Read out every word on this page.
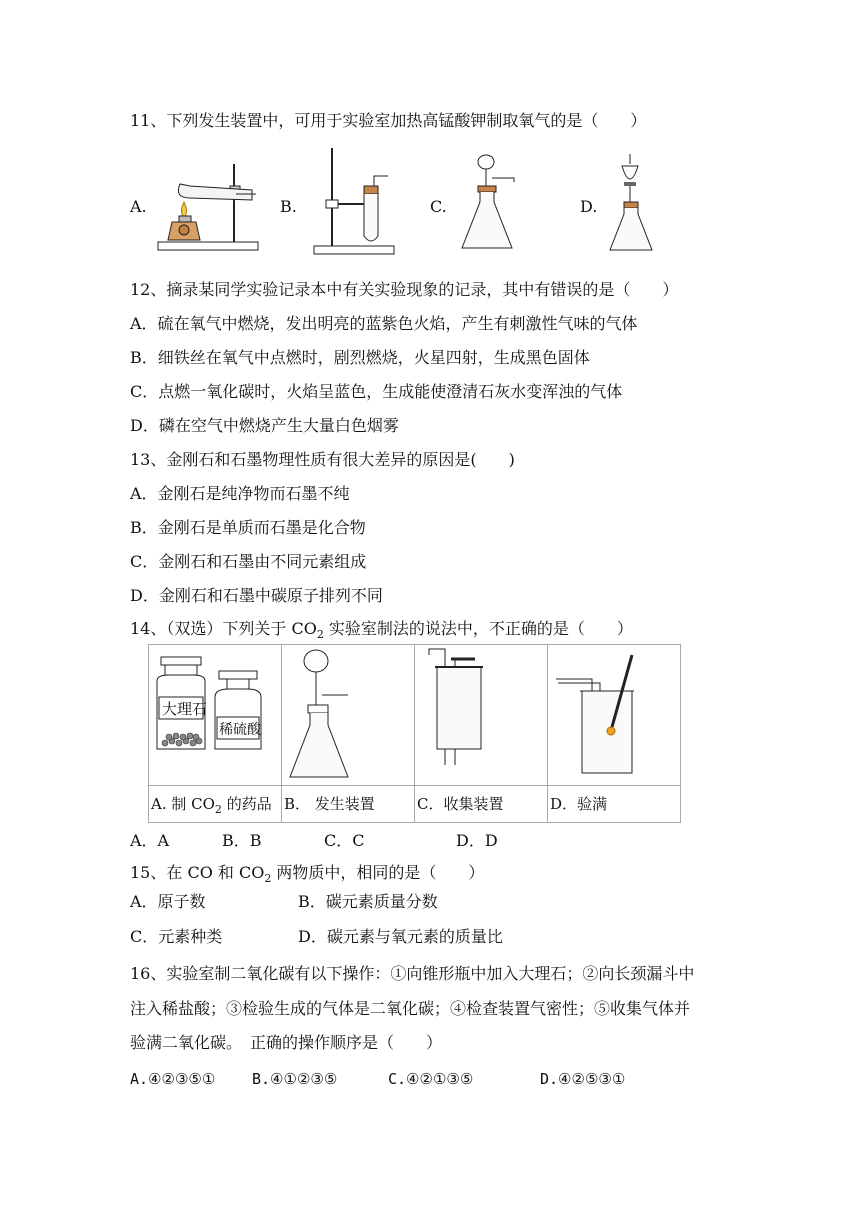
11、下列发生装置中，可用于实验室加热高锰酸钾制取氧气的是（　　）
A.	B.	C.	D.
12、摘录某同学实验记录本中有关实验现象的记录，其中有错误的是（　　）
A．硫在氧气中燃烧，发出明亮的蓝紫色火焰，产生有刺激性气味的气体
B．细铁丝在氧气中点燃时，剧烈燃烧，火星四射，生成黑色固体
C．点燃一氧化碳时，火焰呈蓝色，生成能使澄清石灰水变浑浊的气体
D．磷在空气中燃烧产生大量白色烟雾
13、金刚石和石墨物理性质有很大差异的原因是(　　)
A．金刚石是纯净物而石墨不纯
B．金刚石是单质而石墨是化合物
C．金刚石和石墨由不同元素组成
D．金刚石和石墨中碳原子排列不同
14、（双选）下列关于 $CO_2$ 实验室制法的说法中，不正确的是（　　）
大理石
稀硫酸

A. 制 $CO_2$ 的药品	B． 发生装置	C．收集装置	D．验满
A．A	B．B	C．C	D．D
15、在 CO 和 $CO_2$ 两物质中，相同的是（　　）
A．原子数	B．碳元素质量分数
C．元素种类	D．碳元素与氧元素的质量比
16、实验室制二氧化碳有以下操作：①向锥形瓶中加入大理石；②向长颈漏斗中
注入稀盐酸；③检验生成的气体是二氧化碳；④检查装置气密性；⑤收集气体并
验满二氧化碳。　正确的操作顺序是（　　）
A.④②③⑤① B.④①②③⑤	C.④②①③⑤	D.④②⑤③①
